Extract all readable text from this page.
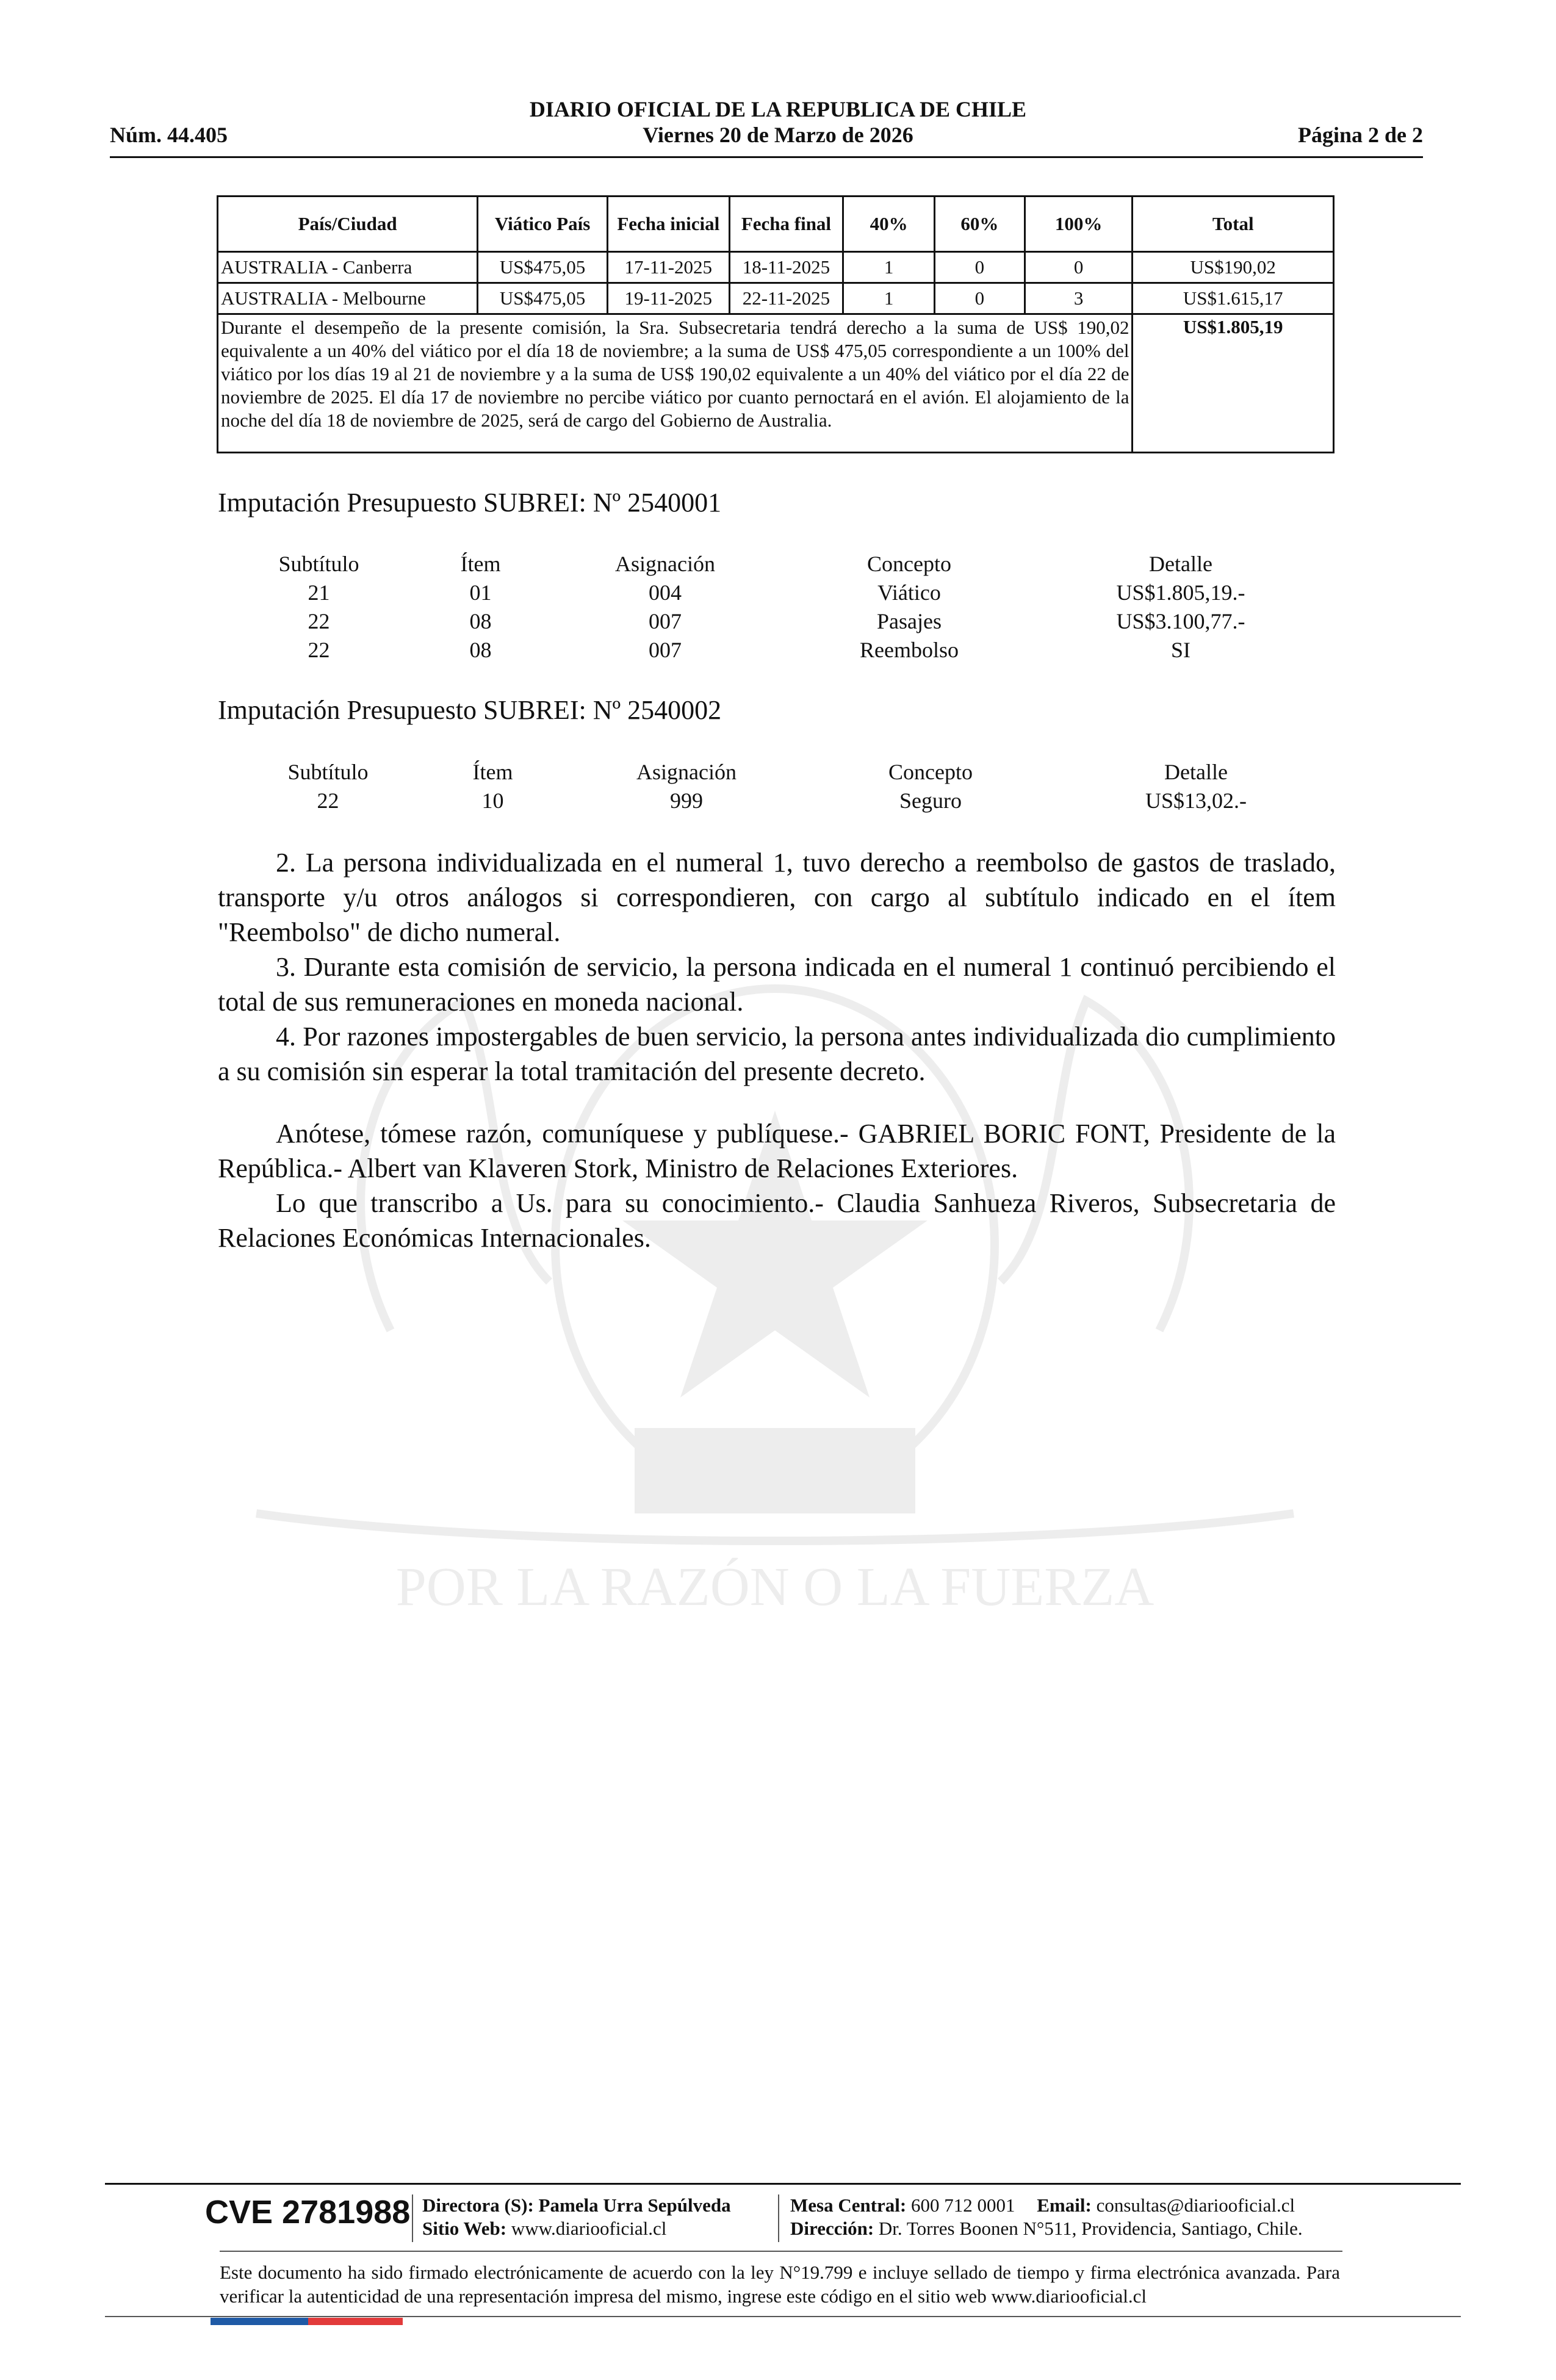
POR LA RAZÓN O LA FUERZA
DIARIO OFICIAL DE LA REPUBLICA DE CHILE
Núm. 44.405	Viernes 20 de Marzo de 2026	Página 2 de 2
País/Ciudad	Viático País	Fecha inicial	Fecha final	40%	60%	100%	Total
AUSTRALIA - Canberra	US$475,05	17-11-2025	18-11-2025	1	0	0	US$190,02
AUSTRALIA - Melbourne	US$475,05	19-11-2025	22-11-2025	1	0	3	US$1.615,17
Durante el desempeño de la presente comisión, la Sra. Subsecretaria tendrá derecho a la suma de US$ 190,02 equivalente a un 40% del viático por el día 18 de noviembre; a la suma de US$ 475,05 correspondiente a un 100% del viático por los días 19 al 21 de noviembre y a la suma de US$ 190,02 equivalente a un 40% del viático por el día 22 de noviembre de 2025. El día 17 de noviembre no percibe viático por cuanto pernoctará en el avión. El alojamiento de la noche del día 18 de noviembre de 2025, será de cargo del Gobierno de Australia.							US$1.805,19
Imputación Presupuesto SUBREI: Nº 2540001
Subtítulo	Ítem	Asignación	Concepto	Detalle
21	01	004	Viático	US$1.805,19.-
22	08	007	Pasajes	US$3.100,77.-
22	08	007	Reembolso	SI
Imputación Presupuesto SUBREI: Nº 2540002
Subtítulo	Ítem	Asignación	Concepto	Detalle
22	10	999	Seguro	US$13,02.-

2. La persona individualizada en el numeral 1, tuvo derecho a reembolso de gastos de traslado, transporte y/u otros análogos si correspondieren, con cargo al subtítulo indicado en el ítem "Reembolso" de dicho numeral.

3. Durante esta comisión de servicio, la persona indicada en el numeral 1 continuó percibiendo el total de sus remuneraciones en moneda nacional.

4. Por razones impostergables de buen servicio, la persona antes individualizada dio cumplimiento a su comisión sin esperar la total tramitación del presente decreto.

Anótese, tómese razón, comuníquese y publíquese.- GABRIEL BORIC FONT, Presidente de la República.- Albert van Klaveren Stork, Ministro de Relaciones Exteriores.

Lo que transcribo a Us. para su conocimiento.- Claudia Sanhueza Riveros, Subsecretaria de Relaciones Económicas Internacionales.

CVE 2781988 Directora (S): Pamela Urra Sepúlveda
Sitio Web: www.diariooficial.cl
Mesa Central: 600 712 0001 Email: consultas@diariooficial.cl
Dirección: Dr. Torres Boonen N°511, Providencia, Santiago, Chile.
Este documento ha sido firmado electrónicamente de acuerdo con la ley N°19.799 e incluye sellado de tiempo y firma electrónica avanzada. Para verificar la autenticidad de una representación impresa del mismo, ingrese este código en el sitio web www.diariooficial.cl
